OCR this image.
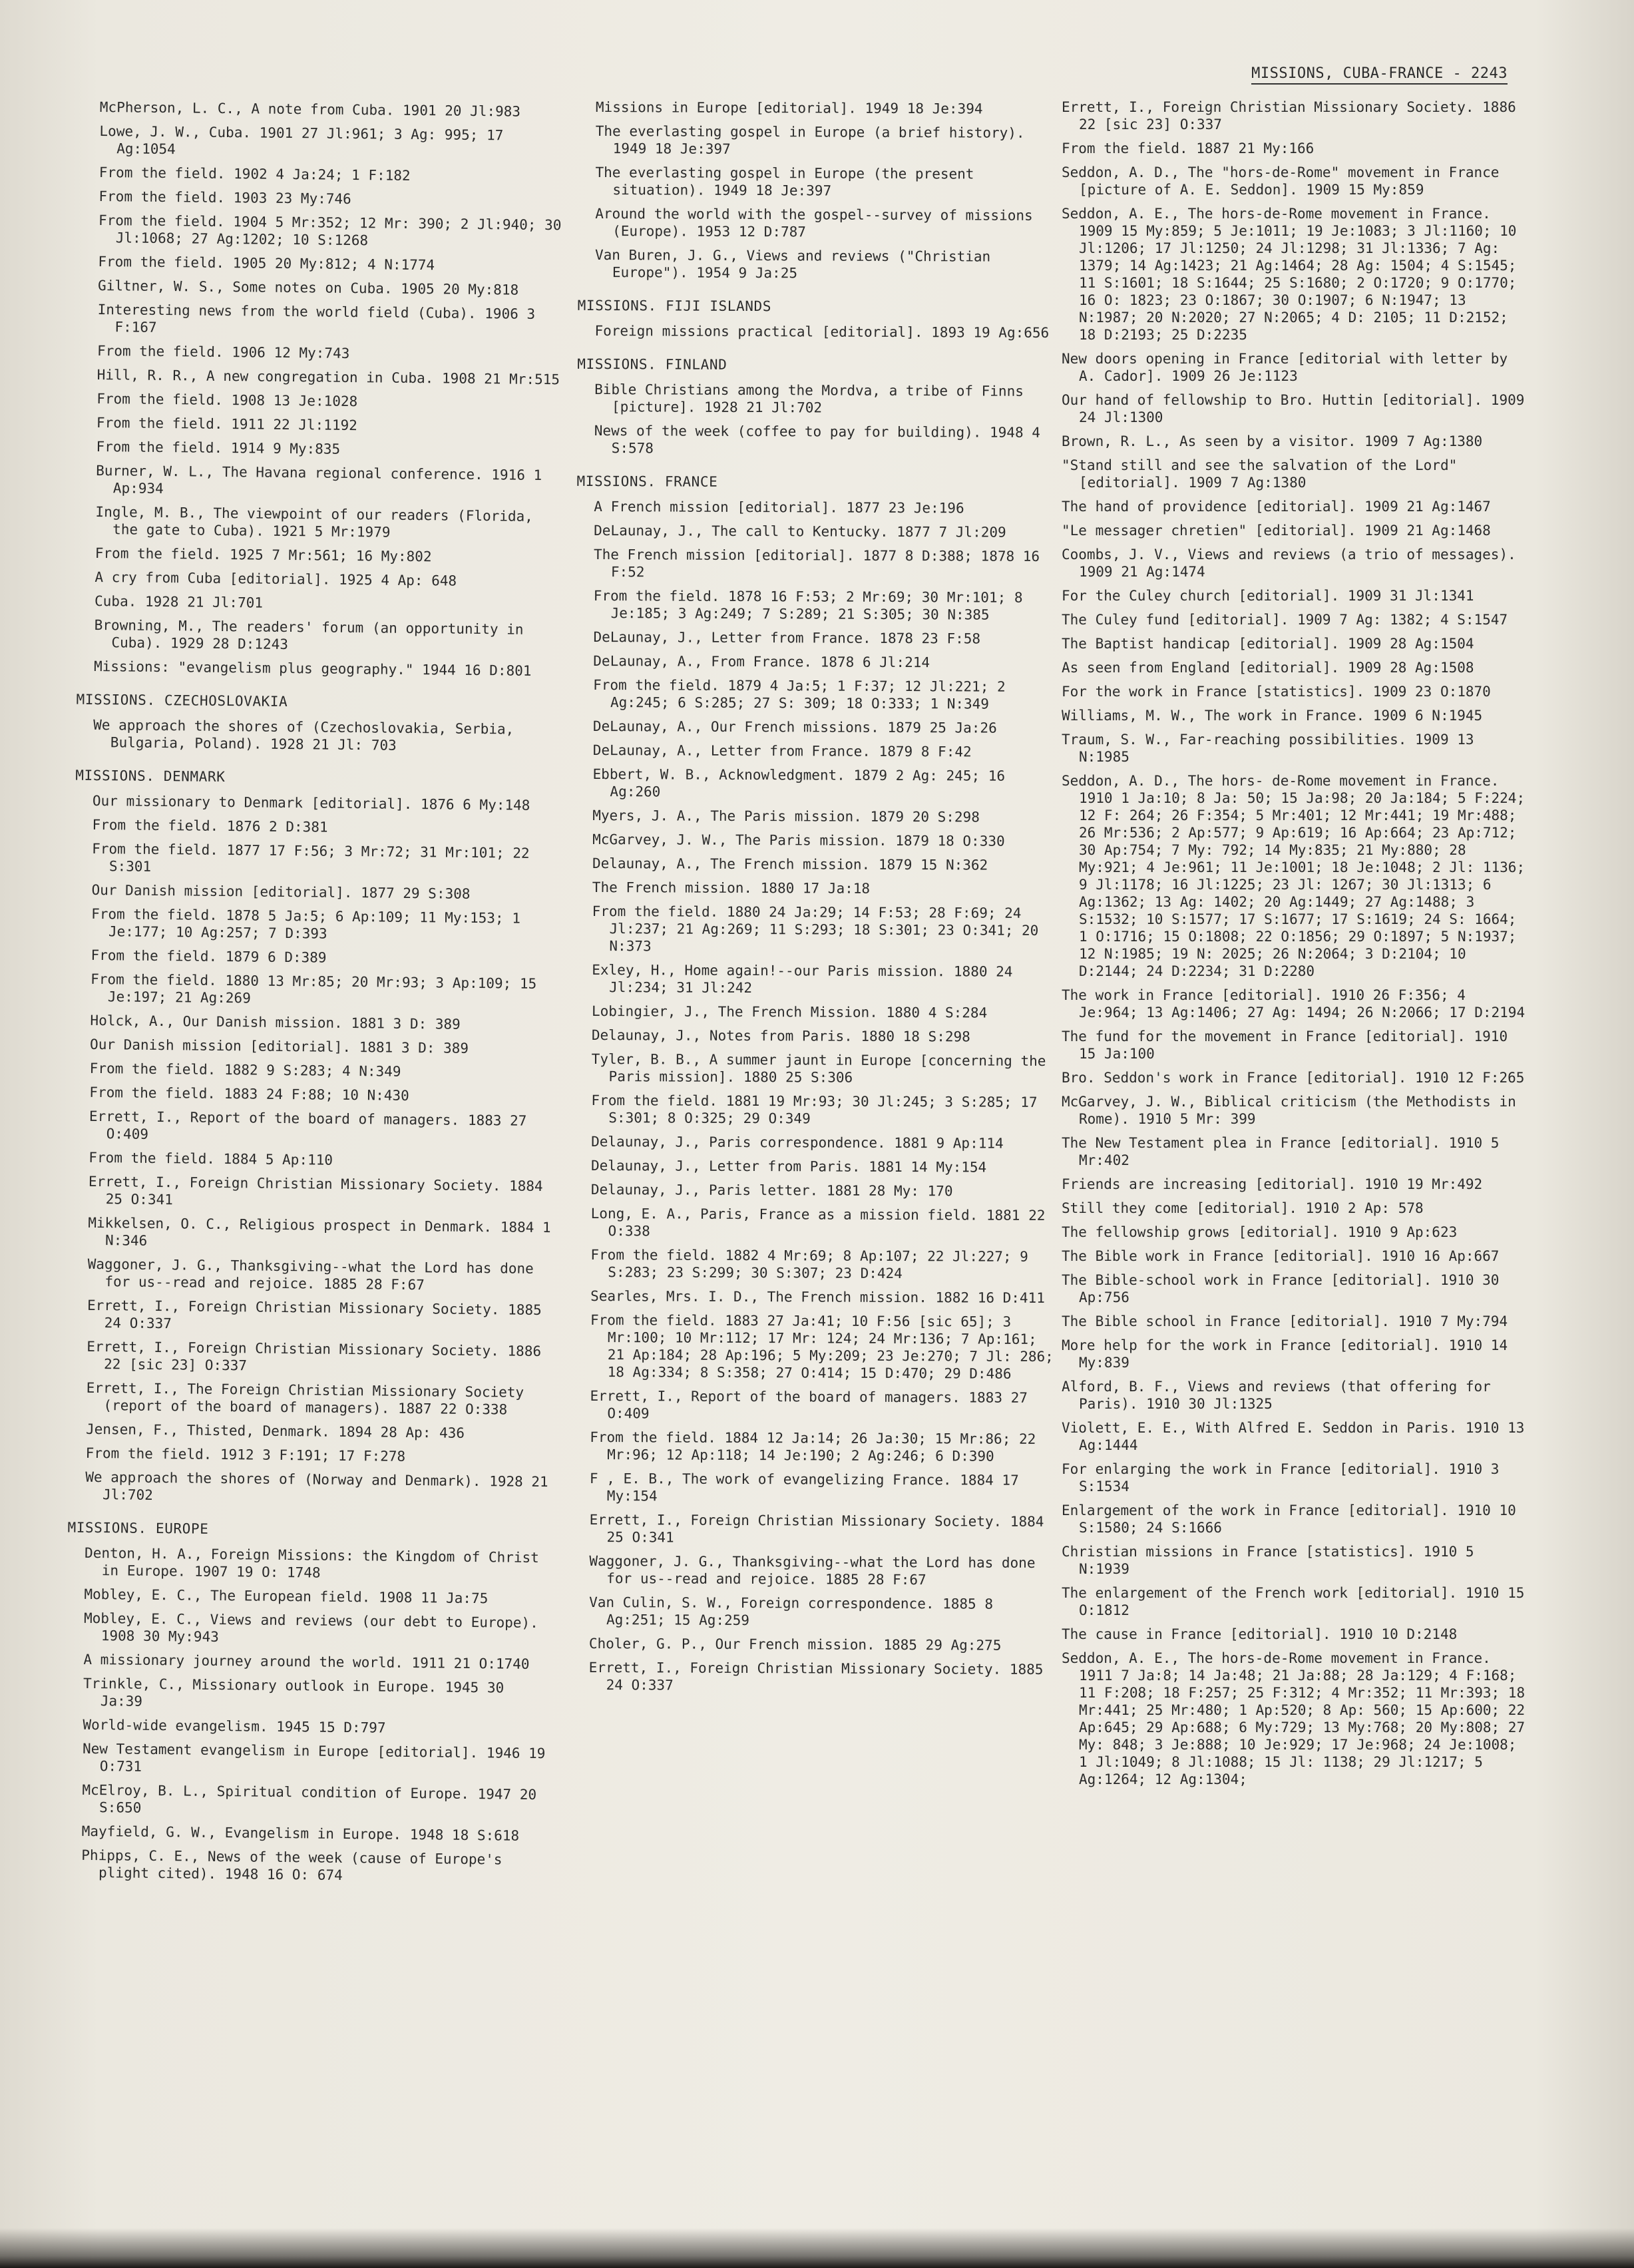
MISSIONS, CUBA-FRANCE - 2243
McPherson, L. C., A note from Cuba. 1901 20 Jl:983
Lowe, J. W., Cuba. 1901 27 Jl:961; 3 Ag: 995; 17 Ag:1054
From the field. 1902 4 Ja:24; 1 F:182
From the field. 1903 23 My:746
From the field. 1904 5 Mr:352; 12 Mr: 390; 2 Jl:940; 30 Jl:1068; 27 Ag:1202; 10 S:1268
From the field. 1905 20 My:812; 4 N:1774
Giltner, W. S., Some notes on Cuba. 1905 20 My:818
Interesting news from the world field (Cuba). 1906 3 F:167
From the field. 1906 12 My:743
Hill, R. R., A new congregation in Cuba. 1908 21 Mr:515
From the field. 1908 13 Je:1028
From the field. 1911 22 Jl:1192
From the field. 1914 9 My:835
Burner, W. L., The Havana regional conference. 1916 1 Ap:934
Ingle, M. B., The viewpoint of our readers (Florida, the gate to Cuba). 1921 5 Mr:1979
From the field. 1925 7 Mr:561; 16 My:802
A cry from Cuba [editorial]. 1925 4 Ap: 648
Cuba. 1928 21 Jl:701
Browning, M., The readers' forum (an opportunity in Cuba). 1929 28 D:1243
Missions: "evangelism plus geography." 1944 16 D:801
MISSIONS. CZECHOSLOVAKIA
We approach the shores of (Czechoslovakia, Serbia, Bulgaria, Poland). 1928 21 Jl: 703
MISSIONS. DENMARK
Our missionary to Denmark [editorial]. 1876 6 My:148
From the field. 1876 2 D:381
From the field. 1877 17 F:56; 3 Mr:72; 31 Mr:101; 22 S:301
Our Danish mission [editorial]. 1877 29 S:308
From the field. 1878 5 Ja:5; 6 Ap:109; 11 My:153; 1 Je:177; 10 Ag:257; 7 D:393
From the field. 1879 6 D:389
From the field. 1880 13 Mr:85; 20 Mr:93; 3 Ap:109; 15 Je:197; 21 Ag:269
Holck, A., Our Danish mission. 1881 3 D: 389
Our Danish mission [editorial]. 1881 3 D: 389
From the field. 1882 9 S:283; 4 N:349
From the field. 1883 24 F:88; 10 N:430
Errett, I., Report of the board of managers. 1883 27 O:409
From the field. 1884 5 Ap:110
Errett, I., Foreign Christian Missionary Society. 1884 25 O:341
Mikkelsen, O. C., Religious prospect in Denmark. 1884 1 N:346
Waggoner, J. G., Thanksgiving--what the Lord has done for us--read and rejoice. 1885 28 F:67
Errett, I., Foreign Christian Missionary Society. 1885 24 O:337
Errett, I., Foreign Christian Missionary Society. 1886 22 [sic 23] O:337
Errett, I., The Foreign Christian Missionary Society (report of the board of managers). 1887 22 O:338
Jensen, F., Thisted, Denmark. 1894 28 Ap: 436
From the field. 1912 3 F:191; 17 F:278
We approach the shores of (Norway and Denmark). 1928 21 Jl:702
MISSIONS. EUROPE
Denton, H. A., Foreign Missions: the Kingdom of Christ in Europe. 1907 19 O: 1748
Mobley, E. C., The European field. 1908 11 Ja:75
Mobley, E. C., Views and reviews (our debt to Europe). 1908 30 My:943
A missionary journey around the world. 1911 21 O:1740
Trinkle, C., Missionary outlook in Europe. 1945 30 Ja:39
World-wide evangelism. 1945 15 D:797
New Testament evangelism in Europe [editorial]. 1946 19 O:731
McElroy, B. L., Spiritual condition of Europe. 1947 20 S:650
Mayfield, G. W., Evangelism in Europe. 1948 18 S:618
Phipps, C. E., News of the week (cause of Europe's plight cited). 1948 16 O: 674
Missions in Europe [editorial]. 1949 18 Je:394
The everlasting gospel in Europe (a brief history). 1949 18 Je:397
The everlasting gospel in Europe (the present situation). 1949 18 Je:397
Around the world with the gospel--survey of missions (Europe). 1953 12 D:787
Van Buren, J. G., Views and reviews ("Christian Europe"). 1954 9 Ja:25
MISSIONS. FIJI ISLANDS
Foreign missions practical [editorial]. 1893 19 Ag:656
MISSIONS. FINLAND
Bible Christians among the Mordva, a tribe of Finns [picture]. 1928 21 Jl:702
News of the week (coffee to pay for building). 1948 4 S:578
MISSIONS. FRANCE
A French mission [editorial]. 1877 23 Je:196
DeLaunay, J., The call to Kentucky. 1877 7 Jl:209
The French mission [editorial]. 1877 8 D:388; 1878 16 F:52
From the field. 1878 16 F:53; 2 Mr:69; 30 Mr:101; 8 Je:185; 3 Ag:249; 7 S:289; 21 S:305; 30 N:385
DeLaunay, J., Letter from France. 1878 23 F:58
DeLaunay, A., From France. 1878 6 Jl:214
From the field. 1879 4 Ja:5; 1 F:37; 12 Jl:221; 2 Ag:245; 6 S:285; 27 S: 309; 18 O:333; 1 N:349
DeLaunay, A., Our French missions. 1879 25 Ja:26
DeLaunay, A., Letter from France. 1879 8 F:42
Ebbert, W. B., Acknowledgment. 1879 2 Ag: 245; 16 Ag:260
Myers, J. A., The Paris mission. 1879 20 S:298
McGarvey, J. W., The Paris mission. 1879 18 O:330
Delaunay, A., The French mission. 1879 15 N:362
The French mission. 1880 17 Ja:18
From the field. 1880 24 Ja:29; 14 F:53; 28 F:69; 24 Jl:237; 21 Ag:269; 11 S:293; 18 S:301; 23 O:341; 20 N:373
Exley, H., Home again!--our Paris mission. 1880 24 Jl:234; 31 Jl:242
Lobingier, J., The French Mission. 1880 4 S:284
Delaunay, J., Notes from Paris. 1880 18 S:298
Tyler, B. B., A summer jaunt in Europe [concerning the Paris mission]. 1880 25 S:306
From the field. 1881 19 Mr:93; 30 Jl:245; 3 S:285; 17 S:301; 8 O:325; 29 O:349
Delaunay, J., Paris correspondence. 1881 9 Ap:114
Delaunay, J., Letter from Paris. 1881 14 My:154
Delaunay, J., Paris letter. 1881 28 My: 170
Long, E. A., Paris, France as a mission field. 1881 22 O:338
From the field. 1882 4 Mr:69; 8 Ap:107; 22 Jl:227; 9 S:283; 23 S:299; 30 S:307; 23 D:424
Searles, Mrs. I. D., The French mission. 1882 16 D:411
From the field. 1883 27 Ja:41; 10 F:56 [sic 65]; 3 Mr:100; 10 Mr:112; 17 Mr: 124; 24 Mr:136; 7 Ap:161; 21 Ap:184; 28 Ap:196; 5 My:209; 23 Je:270; 7 Jl: 286; 18 Ag:334; 8 S:358; 27 O:414; 15 D:470; 29 D:486
Errett, I., Report of the board of managers. 1883 27 O:409
From the field. 1884 12 Ja:14; 26 Ja:30; 15 Mr:86; 22 Mr:96; 12 Ap:118; 14 Je:190; 2 Ag:246; 6 D:390
F , E. B., The work of evangelizing France. 1884 17 My:154
Errett, I., Foreign Christian Missionary Society. 1884 25 O:341
Waggoner, J. G., Thanksgiving--what the Lord has done for us--read and rejoice. 1885 28 F:67
Van Culin, S. W., Foreign correspondence. 1885 8 Ag:251; 15 Ag:259
Choler, G. P., Our French mission. 1885 29 Ag:275
Errett, I., Foreign Christian Missionary Society. 1885 24 O:337
Errett, I., Foreign Christian Missionary Society. 1886 22 [sic 23] O:337
From the field. 1887 21 My:166
Seddon, A. D., The "hors-de-Rome" movement in France [picture of A. E. Seddon]. 1909 15 My:859
Seddon, A. E., The hors-de-Rome movement in France. 1909 15 My:859; 5 Je:1011; 19 Je:1083; 3 Jl:1160; 10 Jl:1206; 17 Jl:1250; 24 Jl:1298; 31 Jl:1336; 7 Ag: 1379; 14 Ag:1423; 21 Ag:1464; 28 Ag: 1504; 4 S:1545; 11 S:1601; 18 S:1644; 25 S:1680; 2 O:1720; 9 O:1770; 16 O: 1823; 23 O:1867; 30 O:1907; 6 N:1947; 13 N:1987; 20 N:2020; 27 N:2065; 4 D: 2105; 11 D:2152; 18 D:2193; 25 D:2235
New doors opening in France [editorial with letter by A. Cador]. 1909 26 Je:1123
Our hand of fellowship to Bro. Huttin [editorial]. 1909 24 Jl:1300
Brown, R. L., As seen by a visitor. 1909 7 Ag:1380
"Stand still and see the salvation of the Lord" [editorial]. 1909 7 Ag:1380
The hand of providence [editorial]. 1909 21 Ag:1467
"Le messager chretien" [editorial]. 1909 21 Ag:1468
Coombs, J. V., Views and reviews (a trio of messages). 1909 21 Ag:1474
For the Culey church [editorial]. 1909 31 Jl:1341
The Culey fund [editorial]. 1909 7 Ag: 1382; 4 S:1547
The Baptist handicap [editorial]. 1909 28 Ag:1504
As seen from England [editorial]. 1909 28 Ag:1508
For the work in France [statistics]. 1909 23 O:1870
Williams, M. W., The work in France. 1909 6 N:1945
Traum, S. W., Far-reaching possibilities. 1909 13 N:1985
Seddon, A. D., The hors- de-Rome movement in France. 1910 1 Ja:10; 8 Ja: 50; 15 Ja:98; 20 Ja:184; 5 F:224; 12 F: 264; 26 F:354; 5 Mr:401; 12 Mr:441; 19 Mr:488; 26 Mr:536; 2 Ap:577; 9 Ap:619; 16 Ap:664; 23 Ap:712; 30 Ap:754; 7 My: 792; 14 My:835; 21 My:880; 28 My:921; 4 Je:961; 11 Je:1001; 18 Je:1048; 2 Jl: 1136; 9 Jl:1178; 16 Jl:1225; 23 Jl: 1267; 30 Jl:1313; 6 Ag:1362; 13 Ag: 1402; 20 Ag:1449; 27 Ag:1488; 3 S:1532; 10 S:1577; 17 S:1677; 17 S:1619; 24 S: 1664; 1 O:1716; 15 O:1808; 22 O:1856; 29 O:1897; 5 N:1937; 12 N:1985; 19 N: 2025; 26 N:2064; 3 D:2104; 10 D:2144; 24 D:2234; 31 D:2280
The work in France [editorial]. 1910 26 F:356; 4 Je:964; 13 Ag:1406; 27 Ag: 1494; 26 N:2066; 17 D:2194
The fund for the movement in France [editorial]. 1910 15 Ja:100
Bro. Seddon's work in France [editorial]. 1910 12 F:265
McGarvey, J. W., Biblical criticism (the Methodists in Rome). 1910 5 Mr: 399
The New Testament plea in France [editorial]. 1910 5 Mr:402
Friends are increasing [editorial]. 1910 19 Mr:492
Still they come [editorial]. 1910 2 Ap: 578
The fellowship grows [editorial]. 1910 9 Ap:623
The Bible work in France [editorial]. 1910 16 Ap:667
The Bible-school work in France [editorial]. 1910 30 Ap:756
The Bible school in France [editorial]. 1910 7 My:794
More help for the work in France [editorial]. 1910 14 My:839
Alford, B. F., Views and reviews (that offering for Paris). 1910 30 Jl:1325
Violett, E. E., With Alfred E. Seddon in Paris. 1910 13 Ag:1444
For enlarging the work in France [editorial]. 1910 3 S:1534
Enlargement of the work in France [editorial]. 1910 10 S:1580; 24 S:1666
Christian missions in France [statistics]. 1910 5 N:1939
The enlargement of the French work [editorial]. 1910 15 O:1812
The cause in France [editorial]. 1910 10 D:2148
Seddon, A. E., The hors-de-Rome movement in France. 1911 7 Ja:8; 14 Ja:48; 21 Ja:88; 28 Ja:129; 4 F:168; 11 F:208; 18 F:257; 25 F:312; 4 Mr:352; 11 Mr:393; 18 Mr:441; 25 Mr:480; 1 Ap:520; 8 Ap: 560; 15 Ap:600; 22 Ap:645; 29 Ap:688; 6 My:729; 13 My:768; 20 My:808; 27 My: 848; 3 Je:888; 10 Je:929; 17 Je:968; 24 Je:1008; 1 Jl:1049; 8 Jl:1088; 15 Jl: 1138; 29 Jl:1217; 5 Ag:1264; 12 Ag:1304;
